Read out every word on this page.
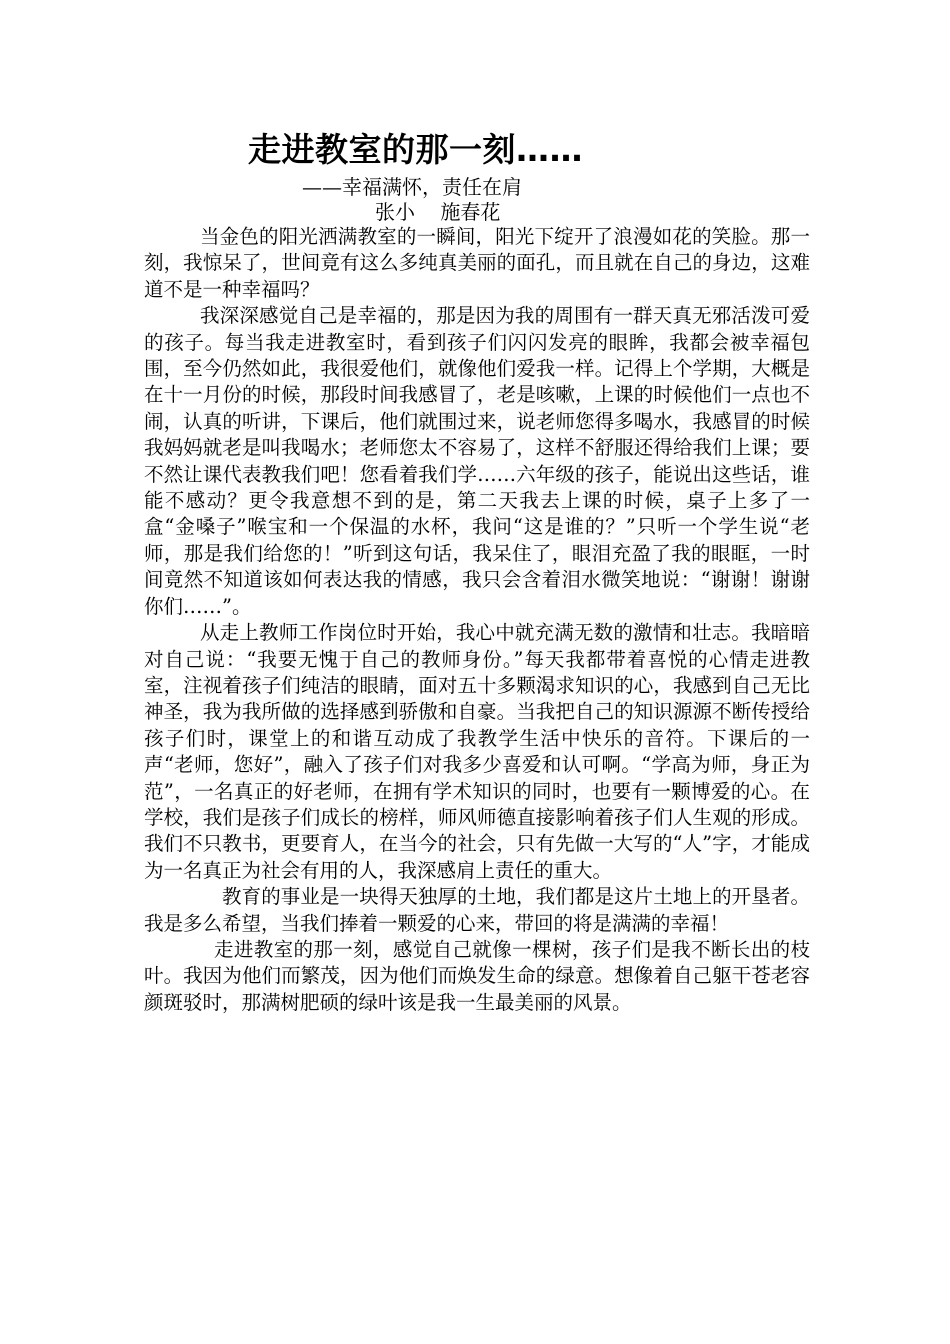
走进教室的那一刻……
——幸福满怀，责任在肩
张小    施春花

当金色的阳光洒满教室的一瞬间，阳光下绽开了浪漫如花的笑脸。那一刻，我惊呆了，世间竟有这么多纯真美丽的面孔，而且就在自己的身边，这难道不是一种幸福吗？

我深深感觉自己是幸福的，那是因为我的周围有一群天真无邪活泼可爱的孩子。每当我走进教室时，看到孩子们闪闪发亮的眼眸，我都会被幸福包围，至今仍然如此，我很爱他们，就像他们爱我一样。记得上个学期，大概是在十一月份的时候，那段时间我感冒了，老是咳嗽，上课的时候他们一点也不闹，认真的听讲，下课后，他们就围过来，说老师您得多喝水，我感冒的时候我妈妈就老是叫我喝水；老师您太不容易了，这样不舒服还得给我们上课；要不然让课代表教我们吧！您看着我们学……六年级的孩子，能说出这些话，谁能不感动？更令我意想不到的是，第二天我去上课的时候，桌子上多了一盒“金嗓子”喉宝和一个保温的水杯，我问“这是谁的？”只听一个学生说“老师，那是我们给您的！”听到这句话，我呆住了，眼泪充盈了我的眼眶，一时间竟然不知道该如何表达我的情感，我只会含着泪水微笑地说：“谢谢！谢谢你们……”。

从走上教师工作岗位时开始，我心中就充满无数的激情和壮志。我暗暗对自己说：“我要无愧于自己的教师身份。”每天我都带着喜悦的心情走进教室，注视着孩子们纯洁的眼睛，面对五十多颗渴求知识的心，我感到自己无比神圣，我为我所做的选择感到骄傲和自豪。当我把自己的知识源源不断传授给孩子们时，课堂上的和谐互动成了我教学生活中快乐的音符。下课后的一声“老师，您好”，融入了孩子们对我多少喜爱和认可啊。“学高为师，身正为范”，一名真正的好老师，在拥有学术知识的同时，也要有一颗博爱的心。在学校，我们是孩子们成长的榜样，师风师德直接影响着孩子们人生观的形成。我们不只教书，更要育人，在当今的社会，只有先做一大写的“人”字，才能成为一名真正为社会有用的人，我深感肩上责任的重大。

教育的事业是一块得天独厚的土地，我们都是这片土地上的开垦者。我是多么希望，当我们捧着一颗爱的心来，带回的将是满满的幸福！

走进教室的那一刻，感觉自己就像一棵树，孩子们是我不断长出的枝叶。我因为他们而繁茂，因为他们而焕发生命的绿意。想像着自己躯干苍老容颜斑驳时，那满树肥硕的绿叶该是我一生最美丽的风景。
